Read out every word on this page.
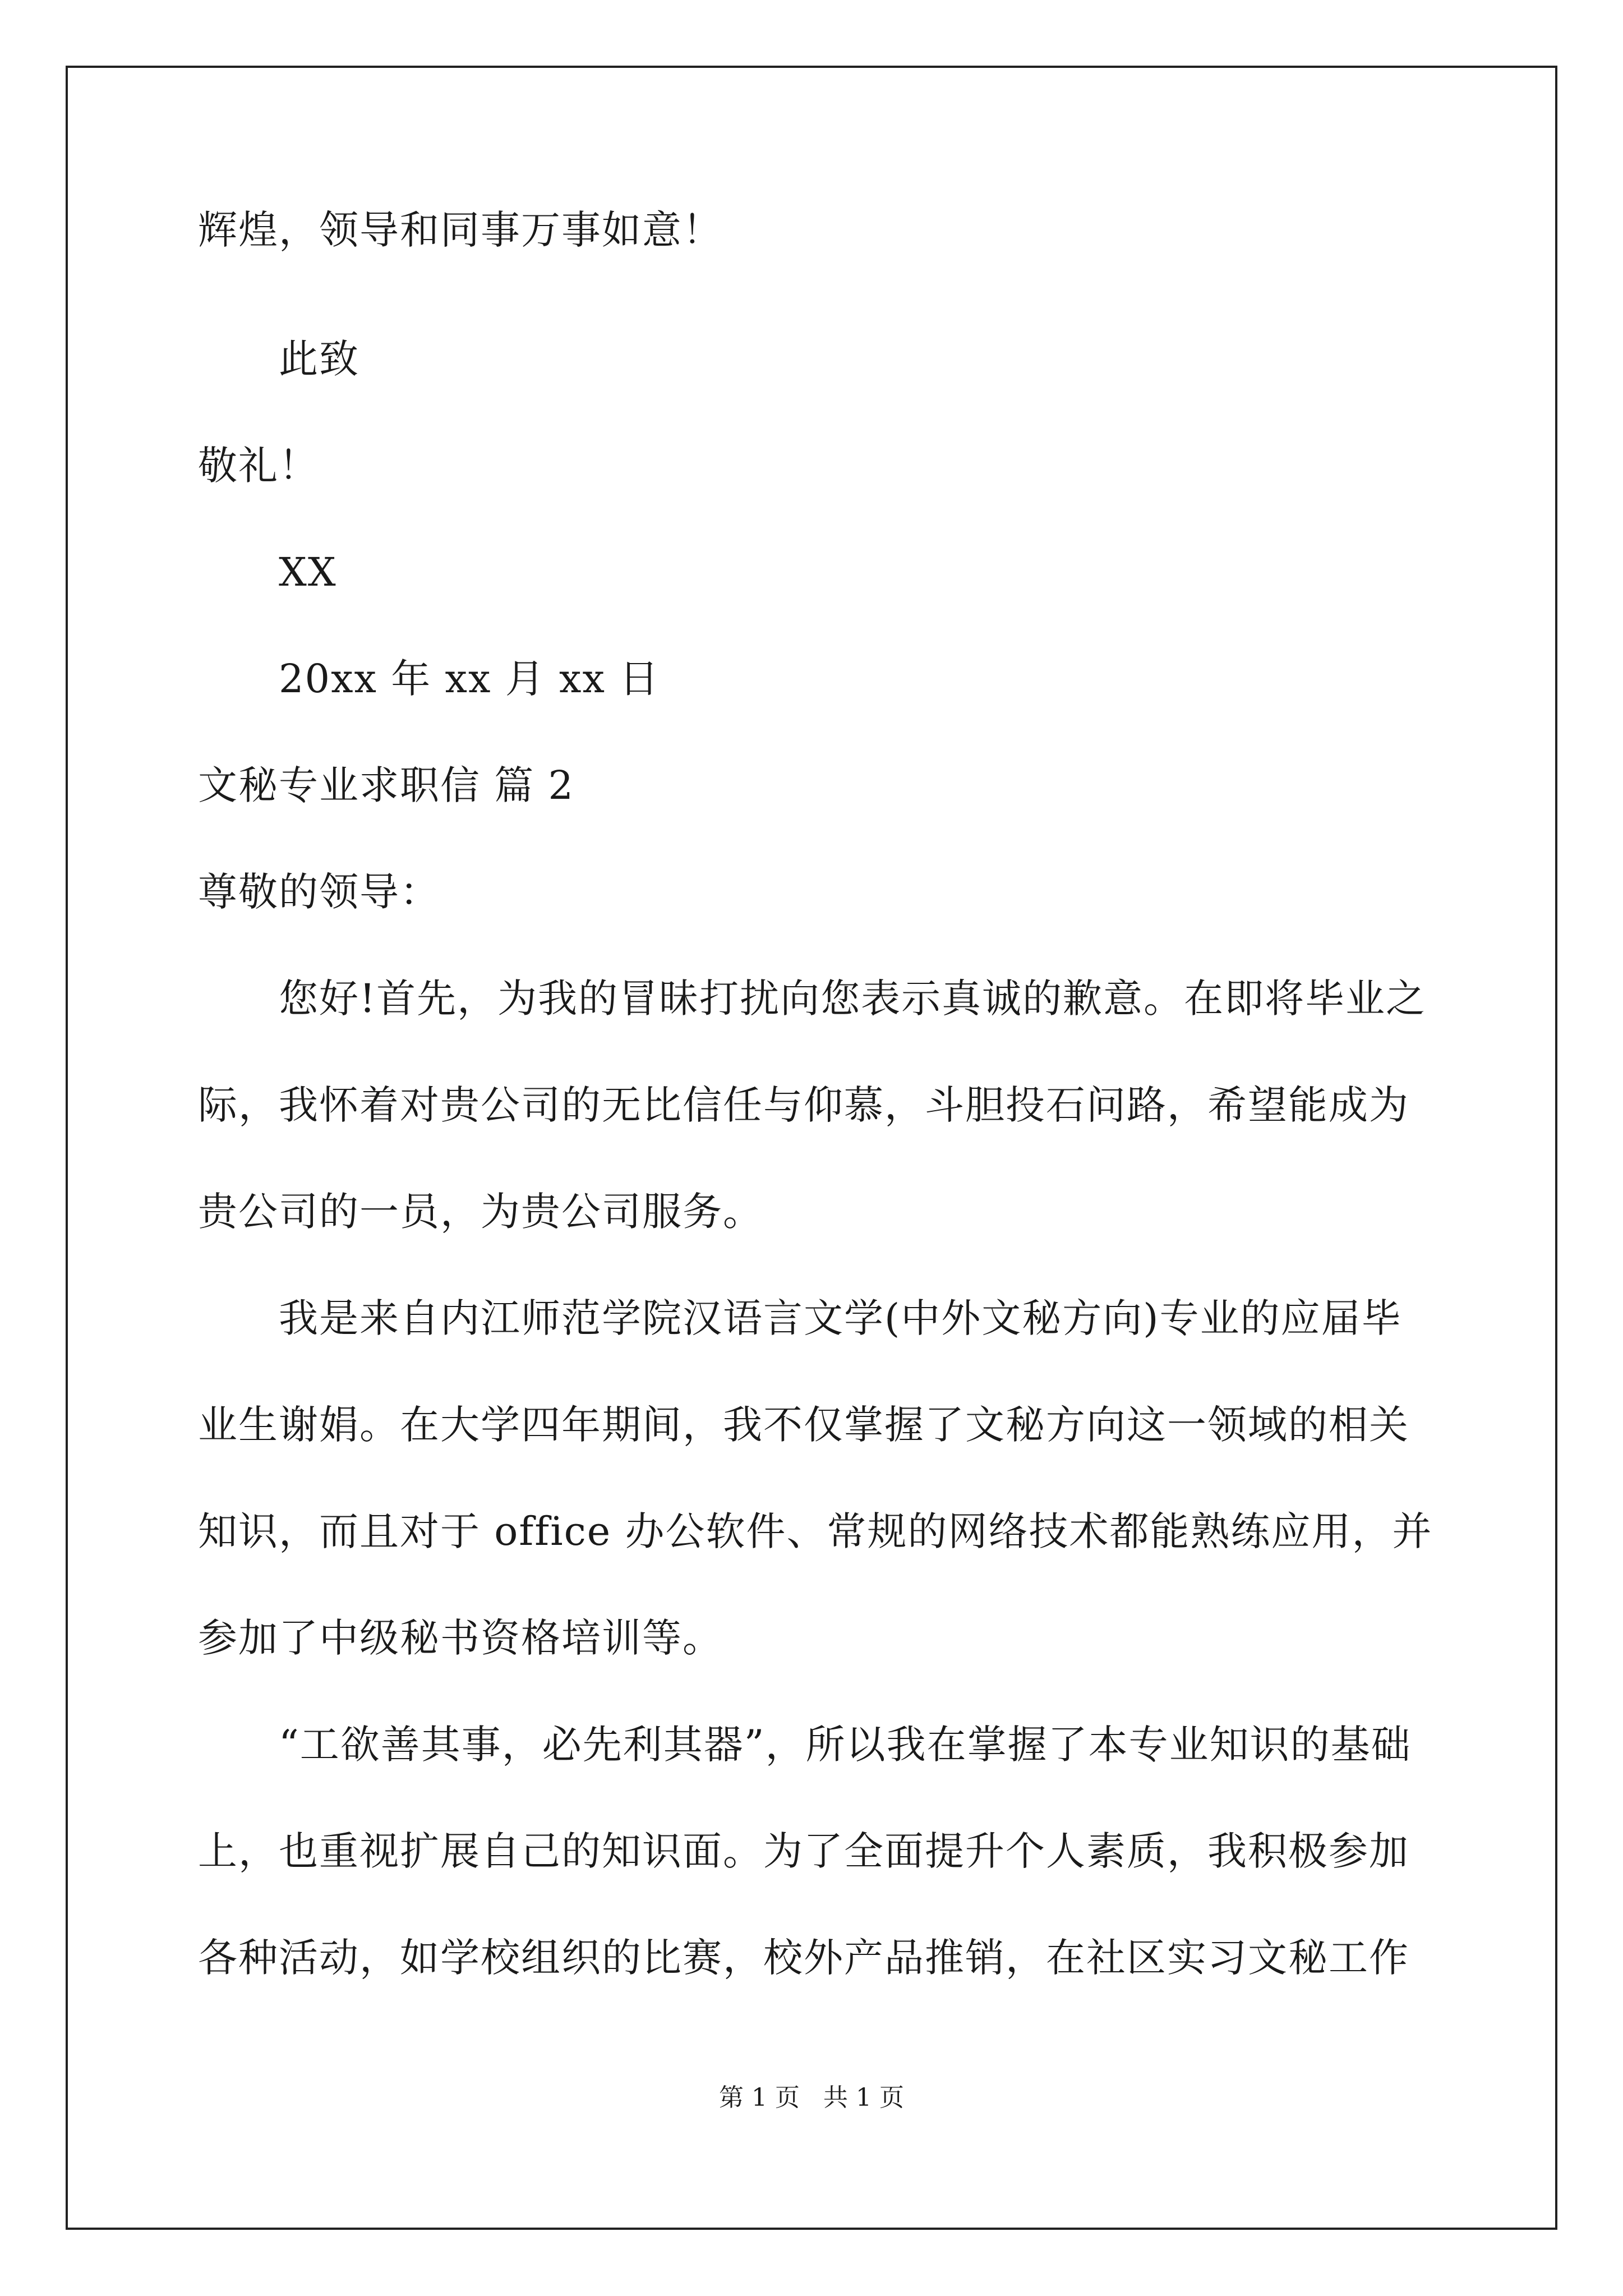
辉煌，领导和同事万事如意！
此致
敬礼！
XX
20xx 年 xx 月 xx 日
文秘专业求职信 篇 2
尊敬的领导：
您好!首先，为我的冒昧打扰向您表示真诚的歉意。在即将毕业之
际，我怀着对贵公司的无比信任与仰慕，斗胆投石问路，希望能成为
贵公司的一员，为贵公司服务。
我是来自内江师范学院汉语言文学(中外文秘方向)专业的应届毕
业生谢娟。在大学四年期间，我不仅掌握了文秘方向这一领域的相关
知识，而且对于 office 办公软件、常规的网络技术都能熟练应用，并
参加了中级秘书资格培训等。
“工欲善其事，必先利其器”，所以我在掌握了本专业知识的基础
上，也重视扩展自己的知识面。为了全面提升个人素质，我积极参加
各种活动，如学校组织的比赛，校外产品推销，在社区实习文秘工作
第 1 页   共 1 页
